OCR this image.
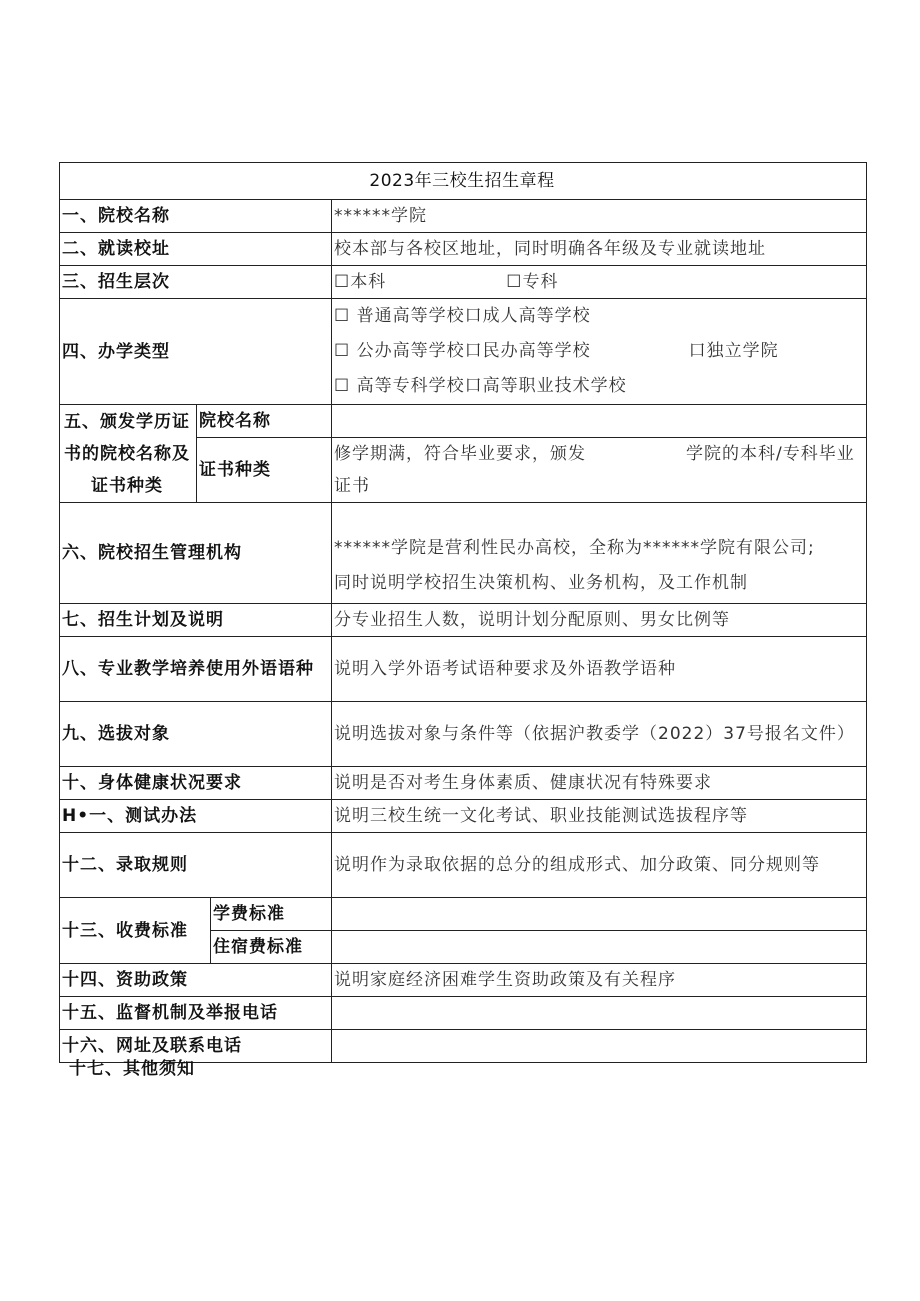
2023年三校生招生章程			
一、院校名称			******学院
二、就读校址			校本部与各校区地址，同时明确各年级及专业就读地址
三、招生层次			☐本科 ☐专科
四、办学类型			☐ 普通高等学校口成人高等学校
☐ 公办高等学校口民办高等学校 口独立学院
☐ 高等专科学校口高等职业技术学校

五、颁发学历证书的院校名称及证书种类	院校名称		
	证书种类		修学期满，符合毕业要求，颁发 学院的本科/专科毕业证书
六、院校招生管理机构			******学院是营利性民办高校，全称为******学院有限公司;
同时说明学校招生决策机构、业务机构，及工作机制

七、招生计划及说明			分专业招生人数，说明计划分配原则、男女比例等
八、专业教学培养使用外语语种			说明入学外语考试语种要求及外语教学语种
九、选拔对象			说明选拔对象与条件等（依据沪教委学（2022）37号报名文件）
十、身体健康状况要求			说明是否对考生身体素质、健康状况有特殊要求
H•一、测试办法			说明三校生统一文化考试、职业技能测试选拔程序等
十二、录取规则			说明作为录取依据的总分的组成形式、加分政策、同分规则等
十三、收费标准		学费标准	
		住宿费标准	
十四、资助政策			说明家庭经济困难学生资助政策及有关程序
十五、监督机制及举报电话			
十六、网址及联系电话			
十七、其他须知
